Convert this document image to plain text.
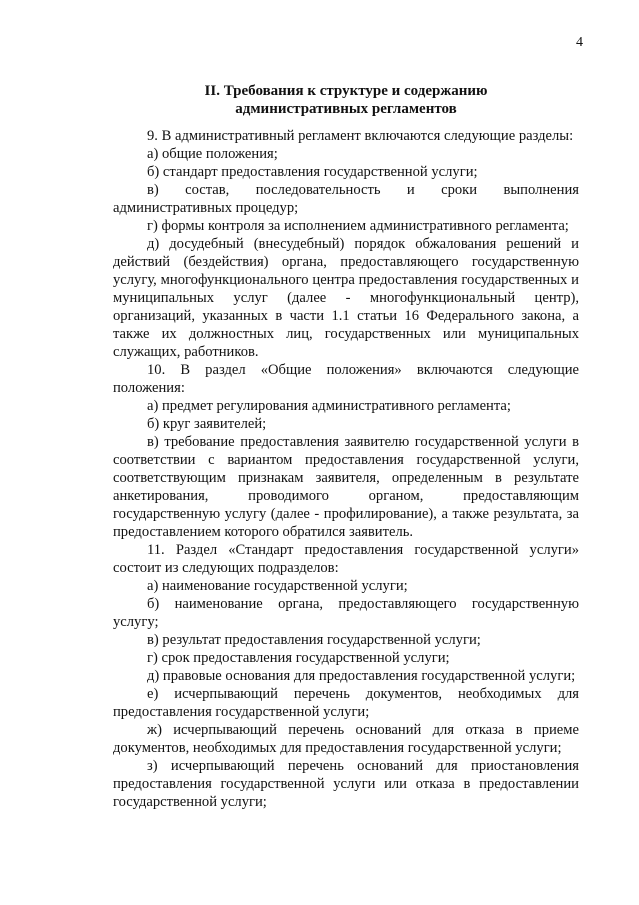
4
II. Требования к структуре и содержанию
административных регламентов

9. В административный регламент включаются следующие разделы:

а) общие положения;

б) стандарт предоставления государственной услуги;

в) состав, последовательность и сроки выполнения административных процедур;

г) формы контроля за исполнением административного регламента;

д) досудебный (внесудебный) порядок обжалования решений и действий (бездействия) органа, предоставляющего государственную услугу, многофункционального центра предоставления государственных и муниципальных услуг (далее - многофункциональный центр), организаций, указанных в части 1.1 статьи 16 Федерального закона, а также их должностных лиц, государственных или муниципальных служащих, работников.

10. В раздел «Общие положения» включаются следующие положения:

а) предмет регулирования административного регламента;

б) круг заявителей;

в) требование предоставления заявителю государственной услуги в соответствии с вариантом предоставления государственной услуги, соответствующим признакам заявителя, определенным в результате анкетирования, проводимого органом, предоставляющим государственную услугу (далее - профилирование), а также результата, за предоставлением которого обратился заявитель.

11. Раздел «Стандарт предоставления государственной услуги» состоит из следующих подразделов:

а) наименование государственной услуги;

б) наименование органа, предоставляющего государственную услугу;

в) результат предоставления государственной услуги;

г) срок предоставления государственной услуги;

д) правовые основания для предоставления государственной услуги;

е) исчерпывающий перечень документов, необходимых для предоставления государственной услуги;

ж) исчерпывающий перечень оснований для отказа в приеме документов, необходимых для предоставления государственной услуги;

з) исчерпывающий перечень оснований для приостановления предоставления государственной услуги или отказа в предоставлении государственной услуги;
